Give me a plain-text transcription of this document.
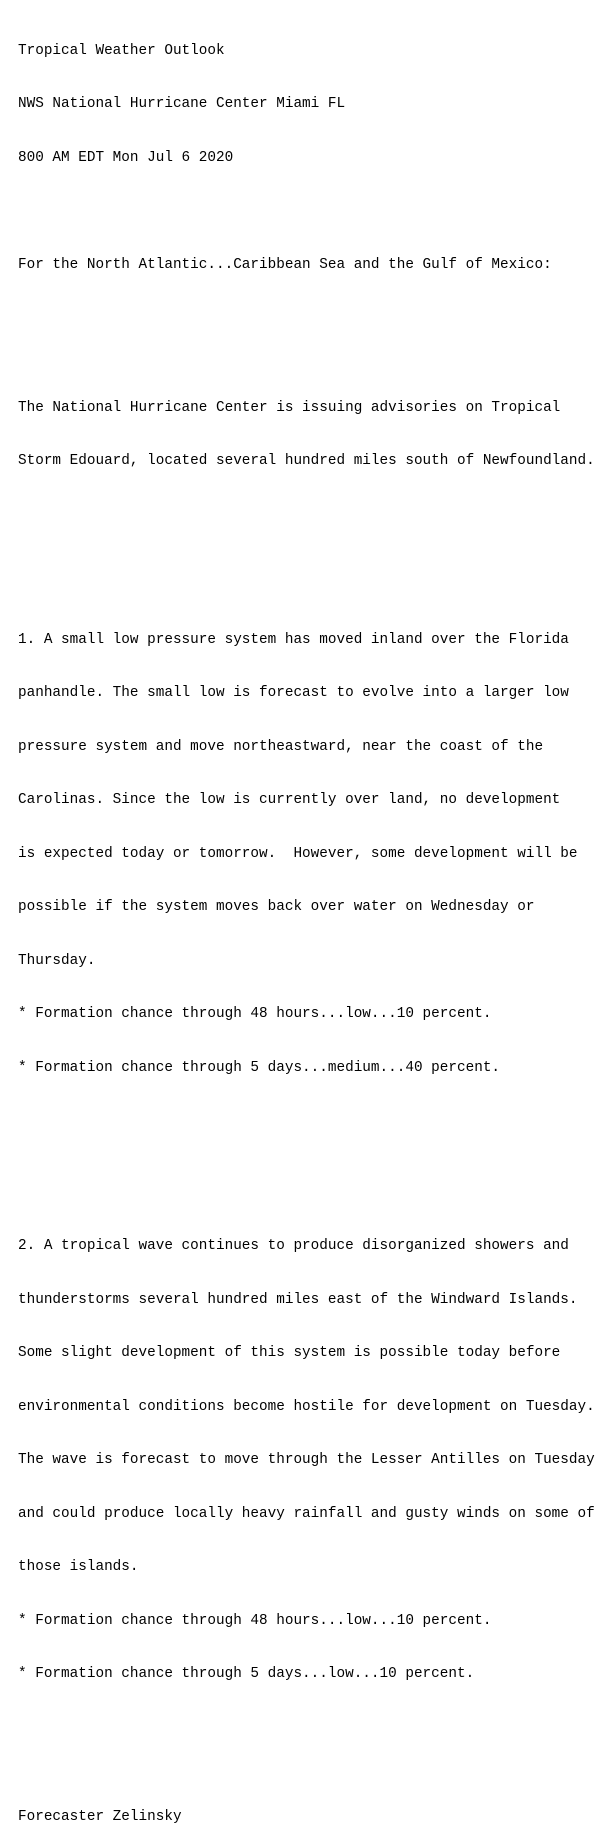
Tropical Weather Outlook

NWS National Hurricane Center Miami FL

800 AM EDT Mon Jul 6 2020

For the North Atlantic...Caribbean Sea and the Gulf of Mexico:

The National Hurricane Center is issuing advisories on Tropical

Storm Edouard, located several hundred miles south of Newfoundland.

1. A small low pressure system has moved inland over the Florida

panhandle. The small low is forecast to evolve into a larger low

pressure system and move northeastward, near the coast of the

Carolinas. Since the low is currently over land, no development

is expected today or tomorrow.  However, some development will be

possible if the system moves back over water on Wednesday or

Thursday.

* Formation chance through 48 hours...low...10 percent.

* Formation chance through 5 days...medium...40 percent.

2. A tropical wave continues to produce disorganized showers and

thunderstorms several hundred miles east of the Windward Islands.

Some slight development of this system is possible today before

environmental conditions become hostile for development on Tuesday.

The wave is forecast to move through the Lesser Antilles on Tuesday

and could produce locally heavy rainfall and gusty winds on some of

those islands.

* Formation chance through 48 hours...low...10 percent.

* Formation chance through 5 days...low...10 percent.

Forecaster Zelinsky
